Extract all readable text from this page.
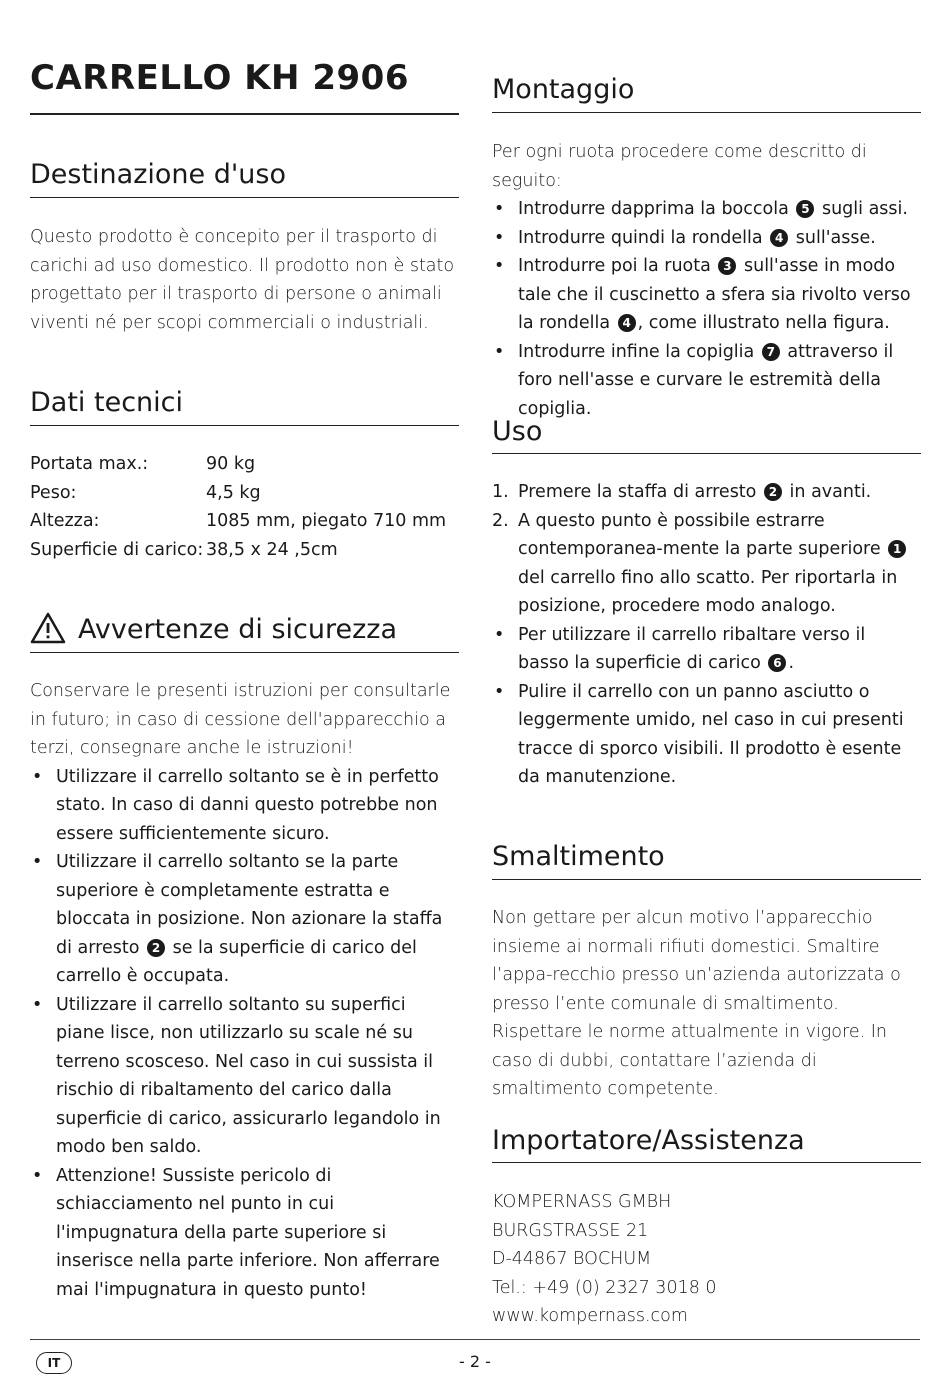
CARRELLO KH 2906
Destinazione d'uso

Questo prodotto è concepito per il trasporto di carichi ad uso domestico. Il prodotto non è stato progettato per il trasporto di persone o animali viventi né per scopi commerciali o industriali.

Dati tecnici
Portata max.:	90 kg
Peso:	4,5 kg
Altezza:	1085 mm, piegato 710 mm
Superficie di carico:	38,5 x 24 ,5cm
Avvertenze di sicurezza

Conservare le presenti istruzioni per consultarle in futuro; in caso di cessione dell'apparecchio a terzi, consegnare anche le istruzioni!

• Utilizzare il carrello soltanto se è in perfetto stato. In caso di danni questo potrebbe non essere sufficientemente sicuro.
• Utilizzare il carrello soltanto se la parte superiore è completamente estratta e bloccata in posizione. Non azionare la staffa di arresto 2 se la superficie di carico del carrello è occupata.
• Utilizzare il carrello soltanto su superfici piane lisce, non utilizzarlo su scale né su terreno scosceso. Nel caso in cui sussista il rischio di ribaltamento del carico dalla superficie di carico, assicurarlo legandolo in modo ben saldo.
• Attenzione! Sussiste pericolo di schiacciamento nel punto in cui l'impugnatura della parte superiore si inserisce nella parte inferiore. Non afferrare mai l'impugnatura in questo punto!
Montaggio

Per ogni ruota procedere come descritto di seguito:

• Introdurre dapprima la boccola 5 sugli assi.
• Introdurre quindi la rondella 4 sull'asse.
• Introdurre poi la ruota 3 sull'asse in modo tale che il cuscinetto a sfera sia rivolto verso la rondella 4 , come illustrato nella figura.
• Introdurre infine la copiglia 7 attraverso il foro nell'asse e curvare le estremità della copiglia.
Uso
1. Premere la staffa di arresto 2 in avanti.
2. A questo punto è possibile estrarre contemporanea-mente la parte superiore 1 del carrello fino allo scatto. Per riportarla in posizione, procedere modo analogo.
• Per utilizzare il carrello ribaltare verso il basso la superficie di carico 6 .
• Pulire il carrello con un panno asciutto o leggermente umido, nel caso in cui presenti tracce di sporco visibili. Il prodotto è esente da manutenzione.
Smaltimento

Non gettare per alcun motivo l’apparecchio insieme ai normali rifiuti domestici. Smaltire l’appa-recchio presso un’azienda autorizzata o presso l’ente comunale di smaltimento. Rispettare le norme attualmente in vigore. In caso di dubbi, contattare l’azienda di smaltimento competente.

Importatore/Assistenza
KOMPERNASS GMBH
BURGSTRASSE 21
D-44867 BOCHUM
Tel.: +49 (0) 2327 3018 0
www.kompernass.com
IT	- 2 -
